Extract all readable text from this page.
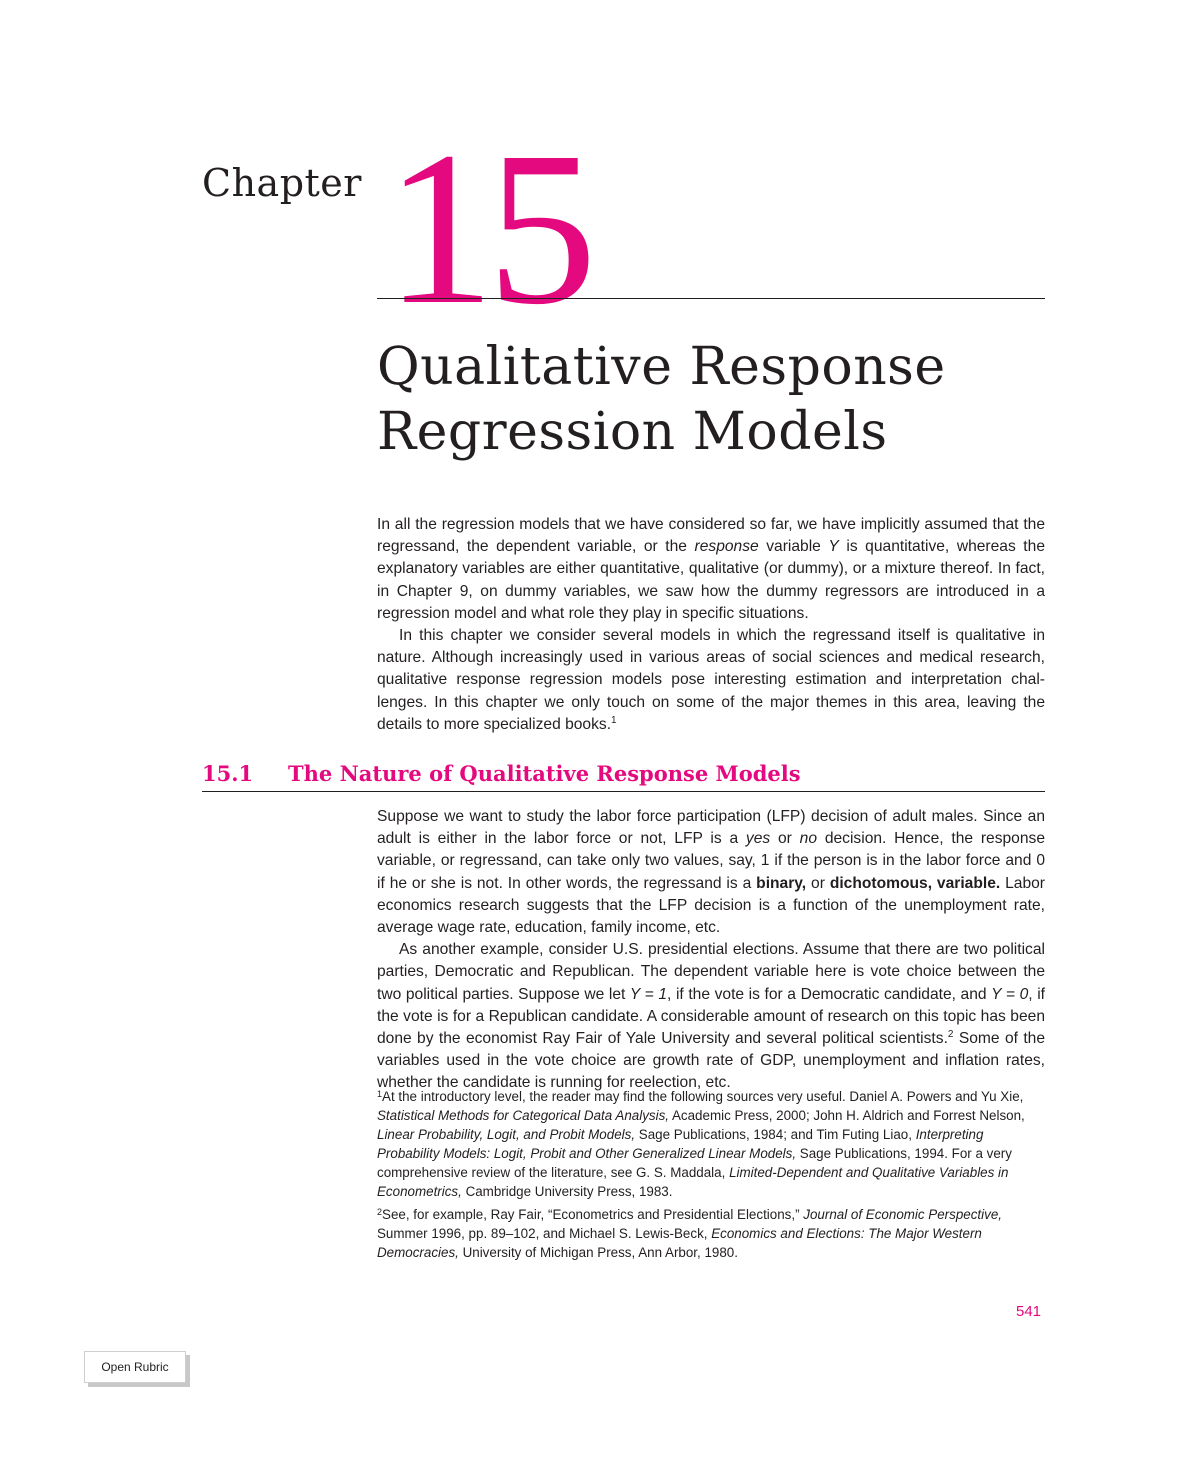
Chapter 15
Qualitative Response
Regression Models

In all the regression models that we have considered so far, we have implicitly assumed that the regressand, the dependent variable, or the response variable Y is quantitative, whereas the explanatory variables are either quantitative, qualitative (or dummy), or a mixture thereof. In fact, in Chapter 9, on dummy variables, we saw how the dummy regressors are introduced in a regression model and what role they play in specific situations.

In this chapter we consider several models in which the regressand itself is qualitative in nature. Although increasingly used in various areas of social sciences and medical research, qualitative response regression models pose interesting estimation and interpretation challenges. In this chapter we only touch on some of the major themes in this area, leaving the details to more specialized books.$^1$

15.1 The Nature of Qualitative Response Models

Suppose we want to study the labor force participation (LFP) decision of adult males. Since an adult is either in the labor force or not, LFP is a yes or no decision. Hence, the response variable, or regressand, can take only two values, say, 1 if the person is in the labor force and 0 if he or she is not. In other words, the regressand is a binary, or dichotomous, variable. Labor economics research suggests that the LFP decision is a function of the unemployment rate, average wage rate, education, family income, etc.

As another example, consider U.S. presidential elections. Assume that there are two political parties, Democratic and Republican. The dependent variable here is vote choice between the two political parties. Suppose we let Y = 1, if the vote is for a Democratic candidate, and Y = 0, if the vote is for a Republican candidate. A considerable amount of research on this topic has been done by the economist Ray Fair of Yale University and several political scientists.$^2$ Some of the variables used in the vote choice are growth rate of GDP, unemployment and inflation rates, whether the candidate is running for reelection, etc.

$^1$At the introductory level, the reader may find the following sources very useful. Daniel A. Powers and Yu Xie, Statistical Methods for Categorical Data Analysis, Academic Press, 2000; John H. Aldrich and Forrest Nelson, Linear Probability, Logit, and Probit Models, Sage Publications, 1984; and Tim Futing Liao, Interpreting Probability Models: Logit, Probit and Other Generalized Linear Models, Sage Publications, 1994. For a very comprehensive review of the literature, see G. S. Maddala, Limited-Dependent and Qualitative Variables in Econometrics, Cambridge University Press, 1983.

$^2$See, for example, Ray Fair, “Econometrics and Presidential Elections,” Journal of Economic Perspective, Summer 1996, pp. 89–102, and Michael S. Lewis-Beck, Economics and Elections: The Major Western Democracies, University of Michigan Press, Ann Arbor, 1980.

541
Open Rubric
